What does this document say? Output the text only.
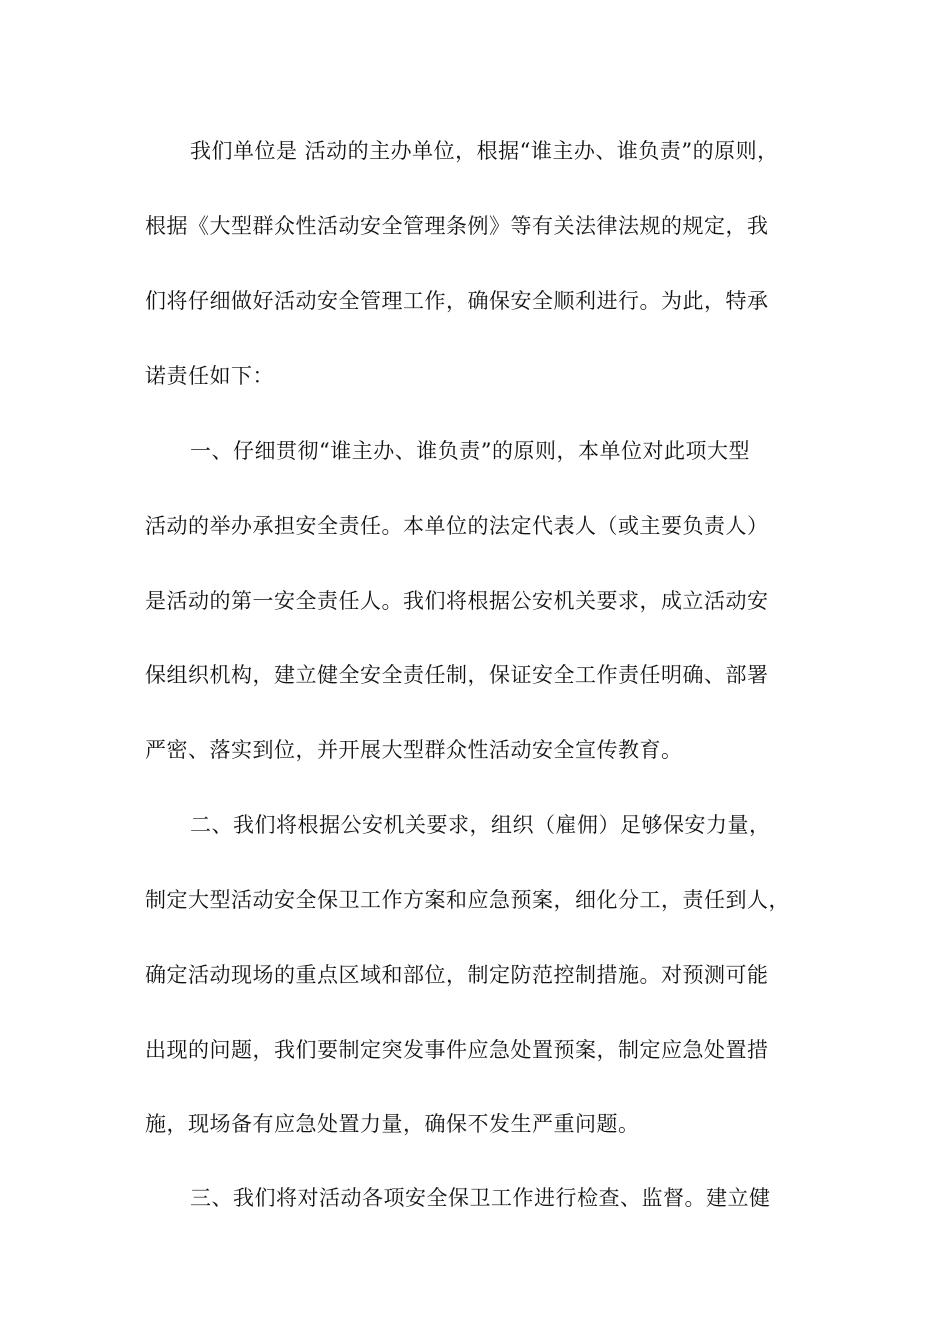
我们单位是 活动的主办单位，根据“谁主办、谁负责”的原则，
根据《大型群众性活动安全管理条例》等有关法律法规的规定，我
们将仔细做好活动安全管理工作，确保安全顺利进行。为此，特承
诺责任如下：
一、仔细贯彻“谁主办、谁负责”的原则，本单位对此项大型
活动的举办承担安全责任。本单位的法定代表人（或主要负责人）
是活动的第一安全责任人。我们将根据公安机关要求，成立活动安
保组织机构，建立健全安全责任制，保证安全工作责任明确、部署
严密、落实到位，并开展大型群众性活动安全宣传教育。
二、我们将根据公安机关要求，组织（雇佣）足够保安力量，
制定大型活动安全保卫工作方案和应急预案，细化分工，责任到人，
确定活动现场的重点区域和部位，制定防范控制措施。对预测可能
出现的问题，我们要制定突发事件应急处置预案，制定应急处置措
施，现场备有应急处置力量，确保不发生严重问题。
三、我们将对活动各项安全保卫工作进行检查、监督。建立健
